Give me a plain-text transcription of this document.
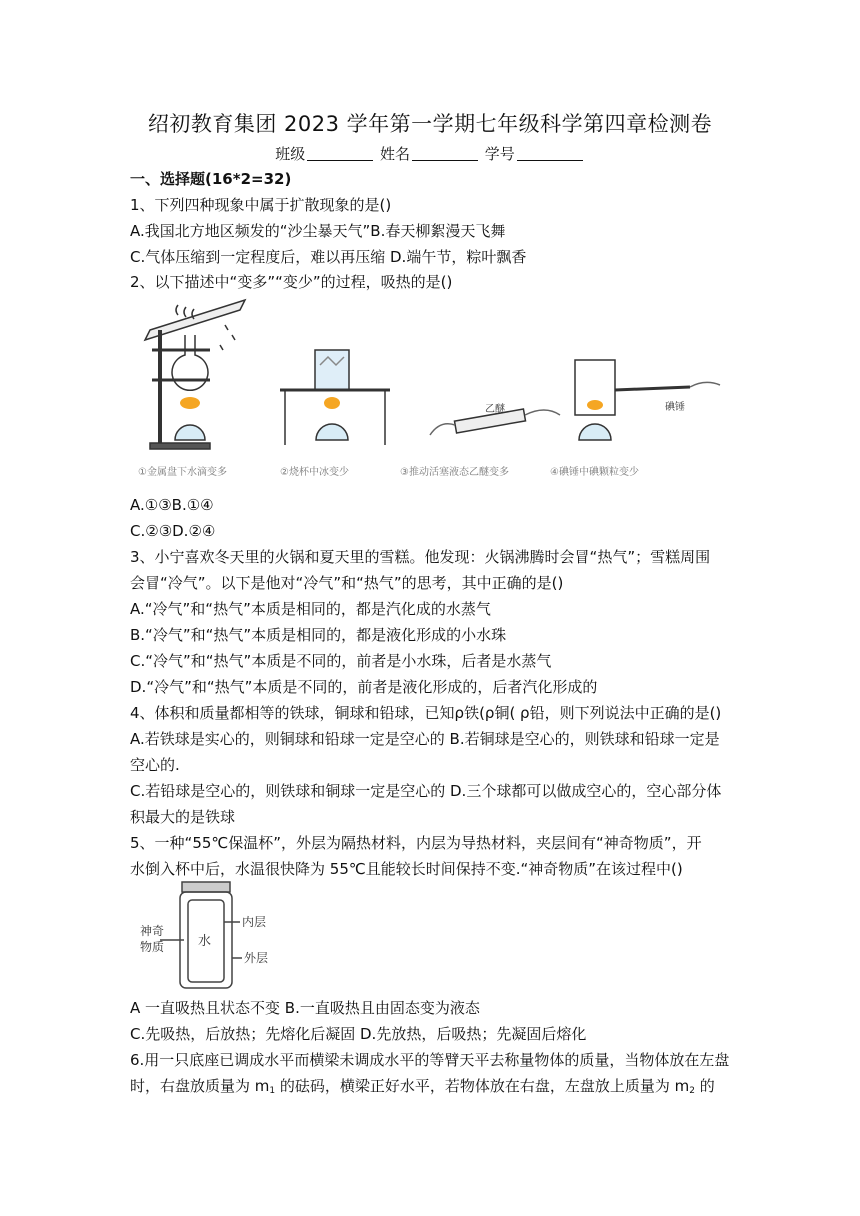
绍初教育集团 2023 学年第一学期七年级科学第四章检测卷
班级	姓名	学号
一、选择题(16*2=32)
1、下列四种现象中属于扩散现象的是()
A.我国北方地区频发的“沙尘暴天气”B.春天柳絮漫天飞舞
C.气体压缩到一定程度后，难以再压缩 D.端午节，粽叶飘香
2、以下描述中“变多”“变少”的过程，吸热的是()
乙醚	碘锤
①金属盘下水滴变多	②烧杯中冰变少	③推动活塞液态乙醚变多	④碘锤中碘颗粒变少
A.①③B.①④
C.②③D.②④
3、小宁喜欢冬天里的火锅和夏天里的雪糕。他发现：火锅沸腾时会冒“热气”；雪糕周围
会冒“冷气”。以下是他对“冷气”和“热气”的思考，其中正确的是()
A.“冷气”和“热气”本质是相同的，都是汽化成的水蒸气
B.“冷气”和“热气”本质是相同的，都是液化形成的小水珠
C.“冷气”和“热气”本质是不同的，前者是小水珠，后者是水蒸气
D.“冷气”和“热气”本质是不同的，前者是液化形成的，后者汽化形成的
4、体积和质量都相等的铁球，铜球和铅球，已知ρ铁(ρ铜( ρ铅，则下列说法中正确的是()
A.若铁球是实心的，则铜球和铅球一定是空心的 B.若铜球是空心的，则铁球和铅球一定是
空心的.
C.若铅球是空心的，则铁球和铜球一定是空心的 D.三个球都可以做成空心的，空心部分体
积最大的是铁球
5、一种“55℃保温杯”，外层为隔热材料，内层为导热材料，夹层间有“神奇物质”，开
水倒入杯中后，水温很快降为 55℃且能较长时间保持不变.“神奇物质”在该过程中()
神奇
物质	水
内层
外层
A 一直吸热且状态不变 B.一直吸热且由固态变为液态
C.先吸热，后放热；先熔化后凝固 D.先放热，后吸热；先凝固后熔化
6.用一只底座已调成水平而横梁未调成水平的等臂天平去称量物体的质量，当物体放在左盘
时，右盘放质量为 $m_1$ 的砝码，横梁正好水平，若物体放在右盘，左盘放上质量为 $m_2$ 的
